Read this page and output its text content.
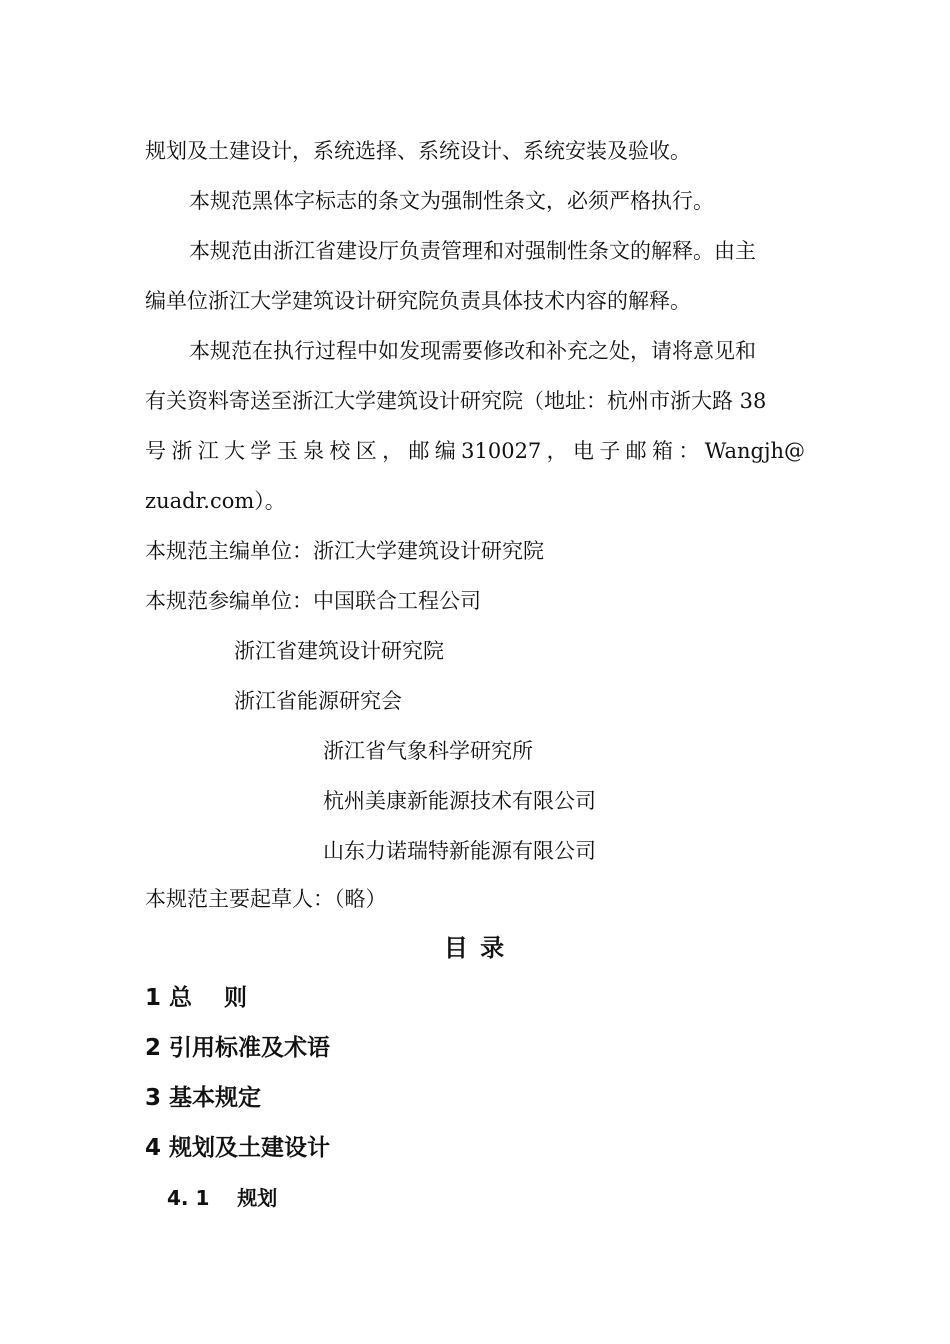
规划及土建设计，系统选择、系统设计、系统安装及验收。
本规范黑体字标志的条文为强制性条文，必须严格执行。
本规范由浙江省建设厅负责管理和对强制性条文的解释。由主
编单位浙江大学建筑设计研究院负责具体技术内容的解释。
本规范在执行过程中如发现需要修改和补充之处，请将意见和
有关资料寄送至浙江大学建筑设计研究院（地址：杭州市浙大路 38
号 浙 江 大 学 玉 泉 校 区 ， 邮 编 310027 ， 电 子 邮 箱 ： Wangjh@
zuadr.com）。
本规范主编单位：浙江大学建筑设计研究院
本规范参编单位：中国联合工程公司
浙江省建筑设计研究院
浙江省能源研究会
浙江省气象科学研究所
杭州美康新能源技术有限公司
山东力诺瑞特新能源有限公司
本规范主要起草人：（略）
目 录
1 总    则
2 引用标准及术语
3 基本规定
4 规划及土建设计
4. 1    规划
